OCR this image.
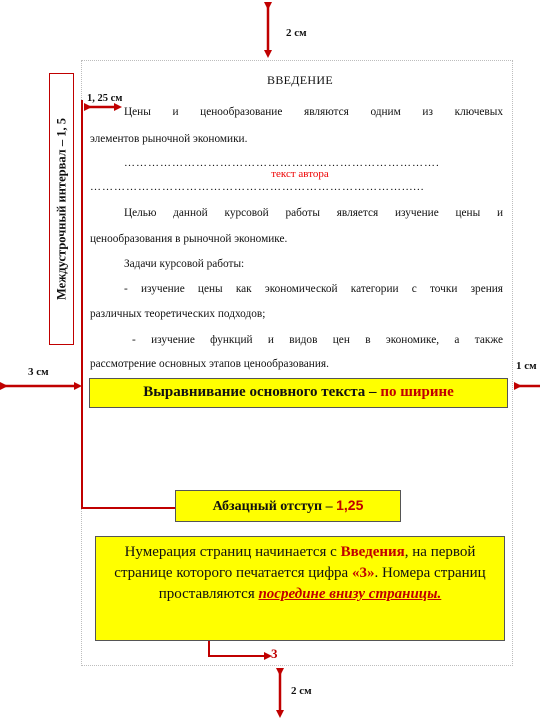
2 см
2 см
3 см	1 см
1, 25 см
Междустрочный интервал – 1, 5
ВВЕДЕНИЕ
Цены и ценообразование являются одним из ключевых
элементов рыночной экономики.
…………………………………………………………………….
текст автора
……………………………………………………………………......
Целью данной курсовой работы является изучение цены и
ценообразования в рыночной экономике.
Задачи курсовой работы:
- изучение цены как экономической категории с точки зрения
различных теоретических подходов;
- изучение функций и видов цен в экономике, а также
рассмотрение основных этапов ценообразования.
Выравнивание основного текста – по ширине
Абзацный отступ – 1,25
Нумерация страниц начинается с Введения, на первой странице которого печатается цифра «3». Номера страниц проставляются посредине внизу страницы.
3
